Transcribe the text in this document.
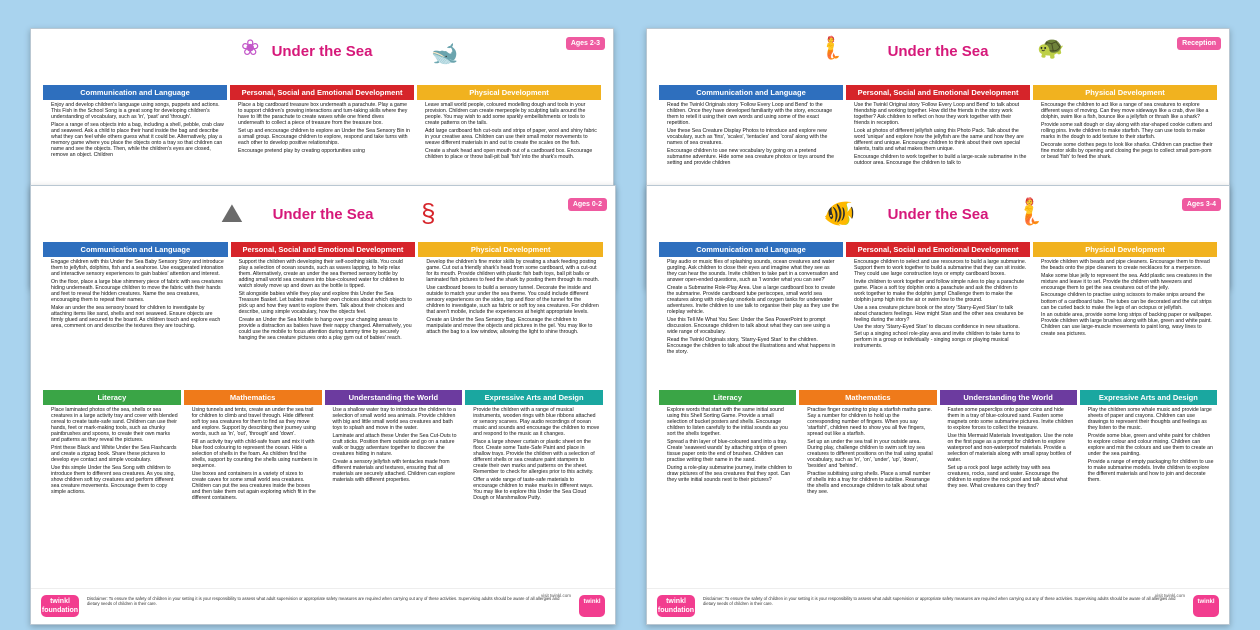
❀	🐋
Under the Sea	Ages 2-3
Communication and Language
• Enjoy and develop children's language using songs, puppets and actions. This Fish in the School Song is a great song for developing children's understanding of vocabulary, such as 'in', 'past' and 'through'.
• Place a range of sea objects into a bag, including a shell, pebble, crab claw and seaweed. Ask a child to place their hand inside the bag and describe what they can feel while others guess what it could be. Alternatively, play a memory game where you place the objects onto a tray so that children can name and see the objects. Then, while the children's eyes are closed, remove an object. Children
Personal, Social and Emotional Development
• Place a big cardboard treasure box underneath a parachute. Play a game to support children's growing interactions and turn-taking skills where they have to lift the parachute to create waves while one friend dives underneath to collect a piece of treasure from the treasure box.
• Set up and encourage children to explore an Under the Sea Sensory Bin in a small group. Encourage children to explore, respond and take turns with each other to develop positive relationships.
• Encourage pretend play by creating opportunities using
Physical Development
• Leave small world people, coloured modelling dough and tools in your provision. Children can create merpeople by sculpting tails around the people. You may wish to add some sparkly embellishments or tools to create patterns on the tails.
• Add large cardboard fish cut-outs and strips of paper, wool and shiny fabric in your creative area. Children can use their small motor movements to weave different materials in and out to create the scales on the fish.
• Create a shark head and open mouth out of a cardboard box. Encourage children to place or throw ball-pit ball 'fish' into the shark's mouth.
🧜	🐢
Under the Sea	Reception
Communication and Language
• Read the Twinkl Originals story 'Follow Every Loop and Bend' to the children. Once they have developed familiarity with the story, encourage them to retell it using their own words and using some of the exact repetition.
• Use these Sea Creature Display Photos to introduce and explore new vocabulary, such as 'fins', 'scales', 'tentacles' and 'coral' along with the names of sea creatures.
• Encourage children to use new vocabulary by going on a pretend submarine adventure. Hide some sea creature photos or toys around the setting and provide children
Personal, Social and Emotional Development
• Use the Twinkl Original story 'Follow Every Loop and Bend' to talk about friendship and working together. How did the friends in the story work together? Ask children to reflect on how they work together with their friends in reception.
• Look at photos of different jellyfish using this Photo Pack. Talk about the word 'unique' and explore how the jellyfish are the same and how they are different and unique. Encourage children to think about their own special talents, traits and what makes them unique.
• Encourage children to work together to build a large-scale submarine in the outdoor area. Encourage the children to talk to
Physical Development
• Encourage the children to act like a range of sea creatures to explore different ways of moving. Can they move sideways like a crab, dive like a dolphin, swim like a fish, bounce like a jellyfish or thrash like a shark?
• Provide some salt dough or clay along with star-shaped cookie cutters and rolling pins. Invite children to make starfish. They can use tools to make marks in the dough to add texture to their starfish.
• Decorate some clothes pegs to look like sharks. Children can practise their fine motor skills by opening and closing the pegs to collect small pom-pom or bead 'fish' to feed the shark.
⛰	§
Under the Sea
Ages 0-2
Communication and Language
• Engage children with this Under the Sea Baby Sensory Story and introduce them to jellyfish, dolphins, fish and a seahorse. Use exaggerated intonation and interactive sensory experiences to gain babies' attention and interest.
• On the floor, place a large blue shimmery piece of fabric with sea creatures hiding underneath. Encourage children to move the fabric with their hands and feet to reveal the hidden creatures. Name the sea creatures, encouraging them to repeat their names.
• Make an under the sea sensory board for children to investigate by attaching items like sand, shells and nori seaweed. Ensure objects are firmly glued and secured to the board. As children touch and explore each area, comment on and describe the textures they are touching.
Personal, Social and Emotional Development
• Support the children with developing their self-soothing skills. You could play a selection of ocean sounds, such as waves lapping, to help relax them. Alternatively, create an under the sea themed sensory bottle by adding small world sea creatures into blue-coloured water for children to watch slowly move up and down as the bottle is tipped.
• Sit alongside babies while they play and explore this Under the Sea Treasure Basket. Let babies make their own choices about which objects to pick up and how they want to explore them. Talk about their choices and describe, using simple vocabulary, how the objects feel.
• Create an Under the Sea Mobile to hang over your changing areas to provide a distraction as babies have their nappy changed. Alternatively, you could use the mobile to focus attention during tummy time by securely hanging the sea creature pictures onto a play gym out of babies' reach.
Physical Development
• Develop the children's fine motor skills by creating a shark feeding posting game. Cut out a friendly shark's head from some cardboard, with a cut-out for its mouth. Provide children with plastic fish bath toys, ball pit balls or laminated fish pictures to feed the shark by posting them through its mouth.
• Use cardboard boxes to build a sensory tunnel. Decorate the inside and outside to match your under the sea theme. You could include different sensory experiences on the sides, top and floor of the tunnel for the children to investigate, such as fabric or soft toy sea creatures. For children that aren't mobile, include the experiences at height appropriate levels.
• Create an Under the Sea Sensory Bag. Encourage the children to manipulate and move the objects and pictures in the gel. You may like to attach the bag to a low window, allowing the light to shine through.
Literacy
• Place laminated photos of the sea, shells or sea creatures in a large activity tray and cover with blended cereal to create taste-safe sand. Children can use their hands, feet or mark-making tools, such as chunky paintbrushes and spoons, to create their own marks and patterns as they reveal the pictures.
• Print these Black and White Under the Sea Flashcards and create a zigzag book. Share these pictures to develop eye contact and simple vocabulary.
• Use this simple Under the Sea Song with children to introduce them to different sea creatures. As you sing, show children soft toy creatures and perform different sea creature movements. Encourage them to copy simple actions.
Mathematics
• Using tunnels and tents, create an under the sea trail for children to climb and travel through. Hide different soft toy sea creatures for them to find as they move and explore. Support by describing their journey using words, such as 'in', 'out', 'through' and 'down'.
• Fill an activity tray with child-safe foam and mix it with blue food colouring to represent the ocean. Hide a selection of shells in the foam. As children find the shells, support by counting the shells using numbers in sequence.
• Use boxes and containers in a variety of sizes to create caves for some small world sea creatures. Children can put the sea creatures inside the boxes and then take them out again exploring which fit in the different containers.
Understanding the World
• Use a shallow water tray to introduce the children to a selection of small world sea animals. Provide children with big and little small world sea creatures and bath toys to splash and move in the water.
• Laminate and attach these Under the Sea Cut-Outs to craft sticks. Position them outside and go on a nature walk or buggy adventure together to discover the creatures hiding in nature.
• Create a sensory jellyfish with tentacles made from different materials and textures, ensuring that all materials are securely attached. Children can explore materials with different properties.
Expressive Arts and Design
• Provide the children with a range of musical instruments, wooden rings with blue ribbons attached or sensory scarves. Play audio recordings of ocean music and sounds and encourage the children to move and respond to the music as it changes.
• Place a large shower curtain or plastic sheet on the floor. Create some Taste-Safe Paint and place in shallow trays. Provide the children with a selection of different shells or sea creature paint stampers to create their own marks and patterns on the sheet. Remember to check for allergies prior to this activity.
• Offer a wide range of taste-safe materials to encourage children to make marks in different ways. You may like to explore this Under the Sea Cloud Dough or Marshmallow Putty.
twinkl foundation
Disclaimer: To ensure the safety of children in your setting it is your responsibility to assess what adult supervision or appropriate safety measures are required when carrying out any of these activities. Supervising adults should be aware of all allergies and dietary needs of children in their care.
visit twinkl.com
twinkl
🐠	🧜
Under the Sea
Ages 3-4
Communication and Language
• Play audio or music files of splashing sounds, ocean creatures and water gurgling. Ask children to close their eyes and imagine what they see as they can hear the sounds. Invite children to take part in a conversation and answer open-ended questions, such as 'I wonder what you can see?'
• Create a Submarine Role-Play Area. Use a large cardboard box to create the submarine. Provide cardboard tube periscopes, small world sea creatures along with role-play snorkels and oxygen tanks for underwater adventures. Invite children to use talk to organise their play as they use the roleplay vehicle.
• Use this Tell Me What You See: Under the Sea PowerPoint to prompt discussion. Encourage children to talk about what they can see using a wide range of vocabulary.
• Read the Twinkl Originals story, 'Starry-Eyed Stan' to the children. Encourage the children to talk about the illustrations and what happens in the story.
Personal, Social and Emotional Development
• Encourage children to select and use resources to build a large submarine. Support them to work together to build a submarine that they can sit inside. They could use large construction toys or empty cardboard boxes.
• Invite children to work together and follow simple rules to play a parachute game. Place a soft toy dolphin onto a parachute and ask the children to work together to make the dolphin jump! Challenge them to make the dolphin jump high into the air or swim low to the ground.
• Use a sea creature picture book or the story 'Starry-Eyed Stan' to talk about characters feelings. How might Stan and the other sea creatures be feeling during the story?
• Use the story 'Starry-Eyed Stan' to discuss confidence in new situations. Set up a singing school role-play area and invite children to take turns to perform in a group or individually - singing songs or playing musical instruments.
Physical Development
• Provide children with beads and pipe cleaners. Encourage them to thread the beads onto the pipe cleaners to create necklaces for a merperson.
• Make some blue jelly to represent the sea. Add plastic sea creatures in the mixture and leave it to set. Provide the children with tweezers and encourage them to get the sea creatures out of the jelly.
• Encourage children to practise using scissors to make snips around the bottom of a cardboard tube. The tubes can be decorated and the cut strips can be curled back to make the legs of an octopus or jellyfish.
• In an outside area, provide some long strips of backing paper or wallpaper. Provide children with large brushes along with blue, green and white paint. Children can use large-muscle movements to paint long, wavy lines to create sea pictures.
Literacy
• Explore words that start with the same initial sound using this Shell Sorting Game. Provide a small selection of bucket posters and shells. Encourage children to listen carefully to the initial sounds as you sort the shells together.
• Spread a thin layer of blue-coloured sand into a tray. Create 'seaweed wands' by attaching strips of green tissue paper onto the end of brushes. Children can practise writing their name in the sand.
• During a role-play submarine journey, invite children to draw pictures of the sea creatures that they spot. Can they write initial sounds next to their pictures?
Mathematics
• Practise finger counting to play a starfish maths game. Say a number for children to hold up the corresponding number of fingers. When you say 'starfish!', children need to show you all five fingers, spread out like a starfish.
• Set up an under the sea trail in your outside area. During play, challenge children to swim soft toy sea creatures to different positions on the trail using spatial vocabulary, such as 'in', 'on', 'under', 'up', 'down', 'besides' and 'behind'.
• Practise subitising using shells. Place a small number of shells into a tray for children to subitise. Rearrange the shells and encourage children to talk about what they see.
Understanding the World
• Fasten some paperclips onto paper coins and hide them in a tray of blue-coloured sand. Fasten some magnets onto some submarine pictures. Invite children to explore forces to collect the treasure.
• Use this Mermaid Materials Investigation. Use the note on the first page as a prompt for children to explore waterproof and non-waterproof materials. Provide a selection of materials along with small spray bottles of water.
• Set up a rock pool large activity tray with sea creatures, rocks, sand and water. Encourage the children to explore the rock pool and talk about what they see. What creatures can they find?
Expressive Arts and Design
• Play the children some whale music and provide large sheets of paper and crayons. Children can use drawings to represent their thoughts and feelings as they listen to the music.
• Provide some blue, green and white paint for children to explore colour and colour mixing. Children can explore and mix the colours and use them to create an under the sea painting.
• Provide a range of empty packaging for children to use to make submarine models. Invite children to explore the different materials and how to join and decorate them.
twinkl foundation
Disclaimer: To ensure the safety of children in your setting it is your responsibility to assess what adult supervision or appropriate safety measures are required when carrying out any of these activities. Supervising adults should be aware of all allergies and dietary needs of children in their care.
visit twinkl.com
twinkl
